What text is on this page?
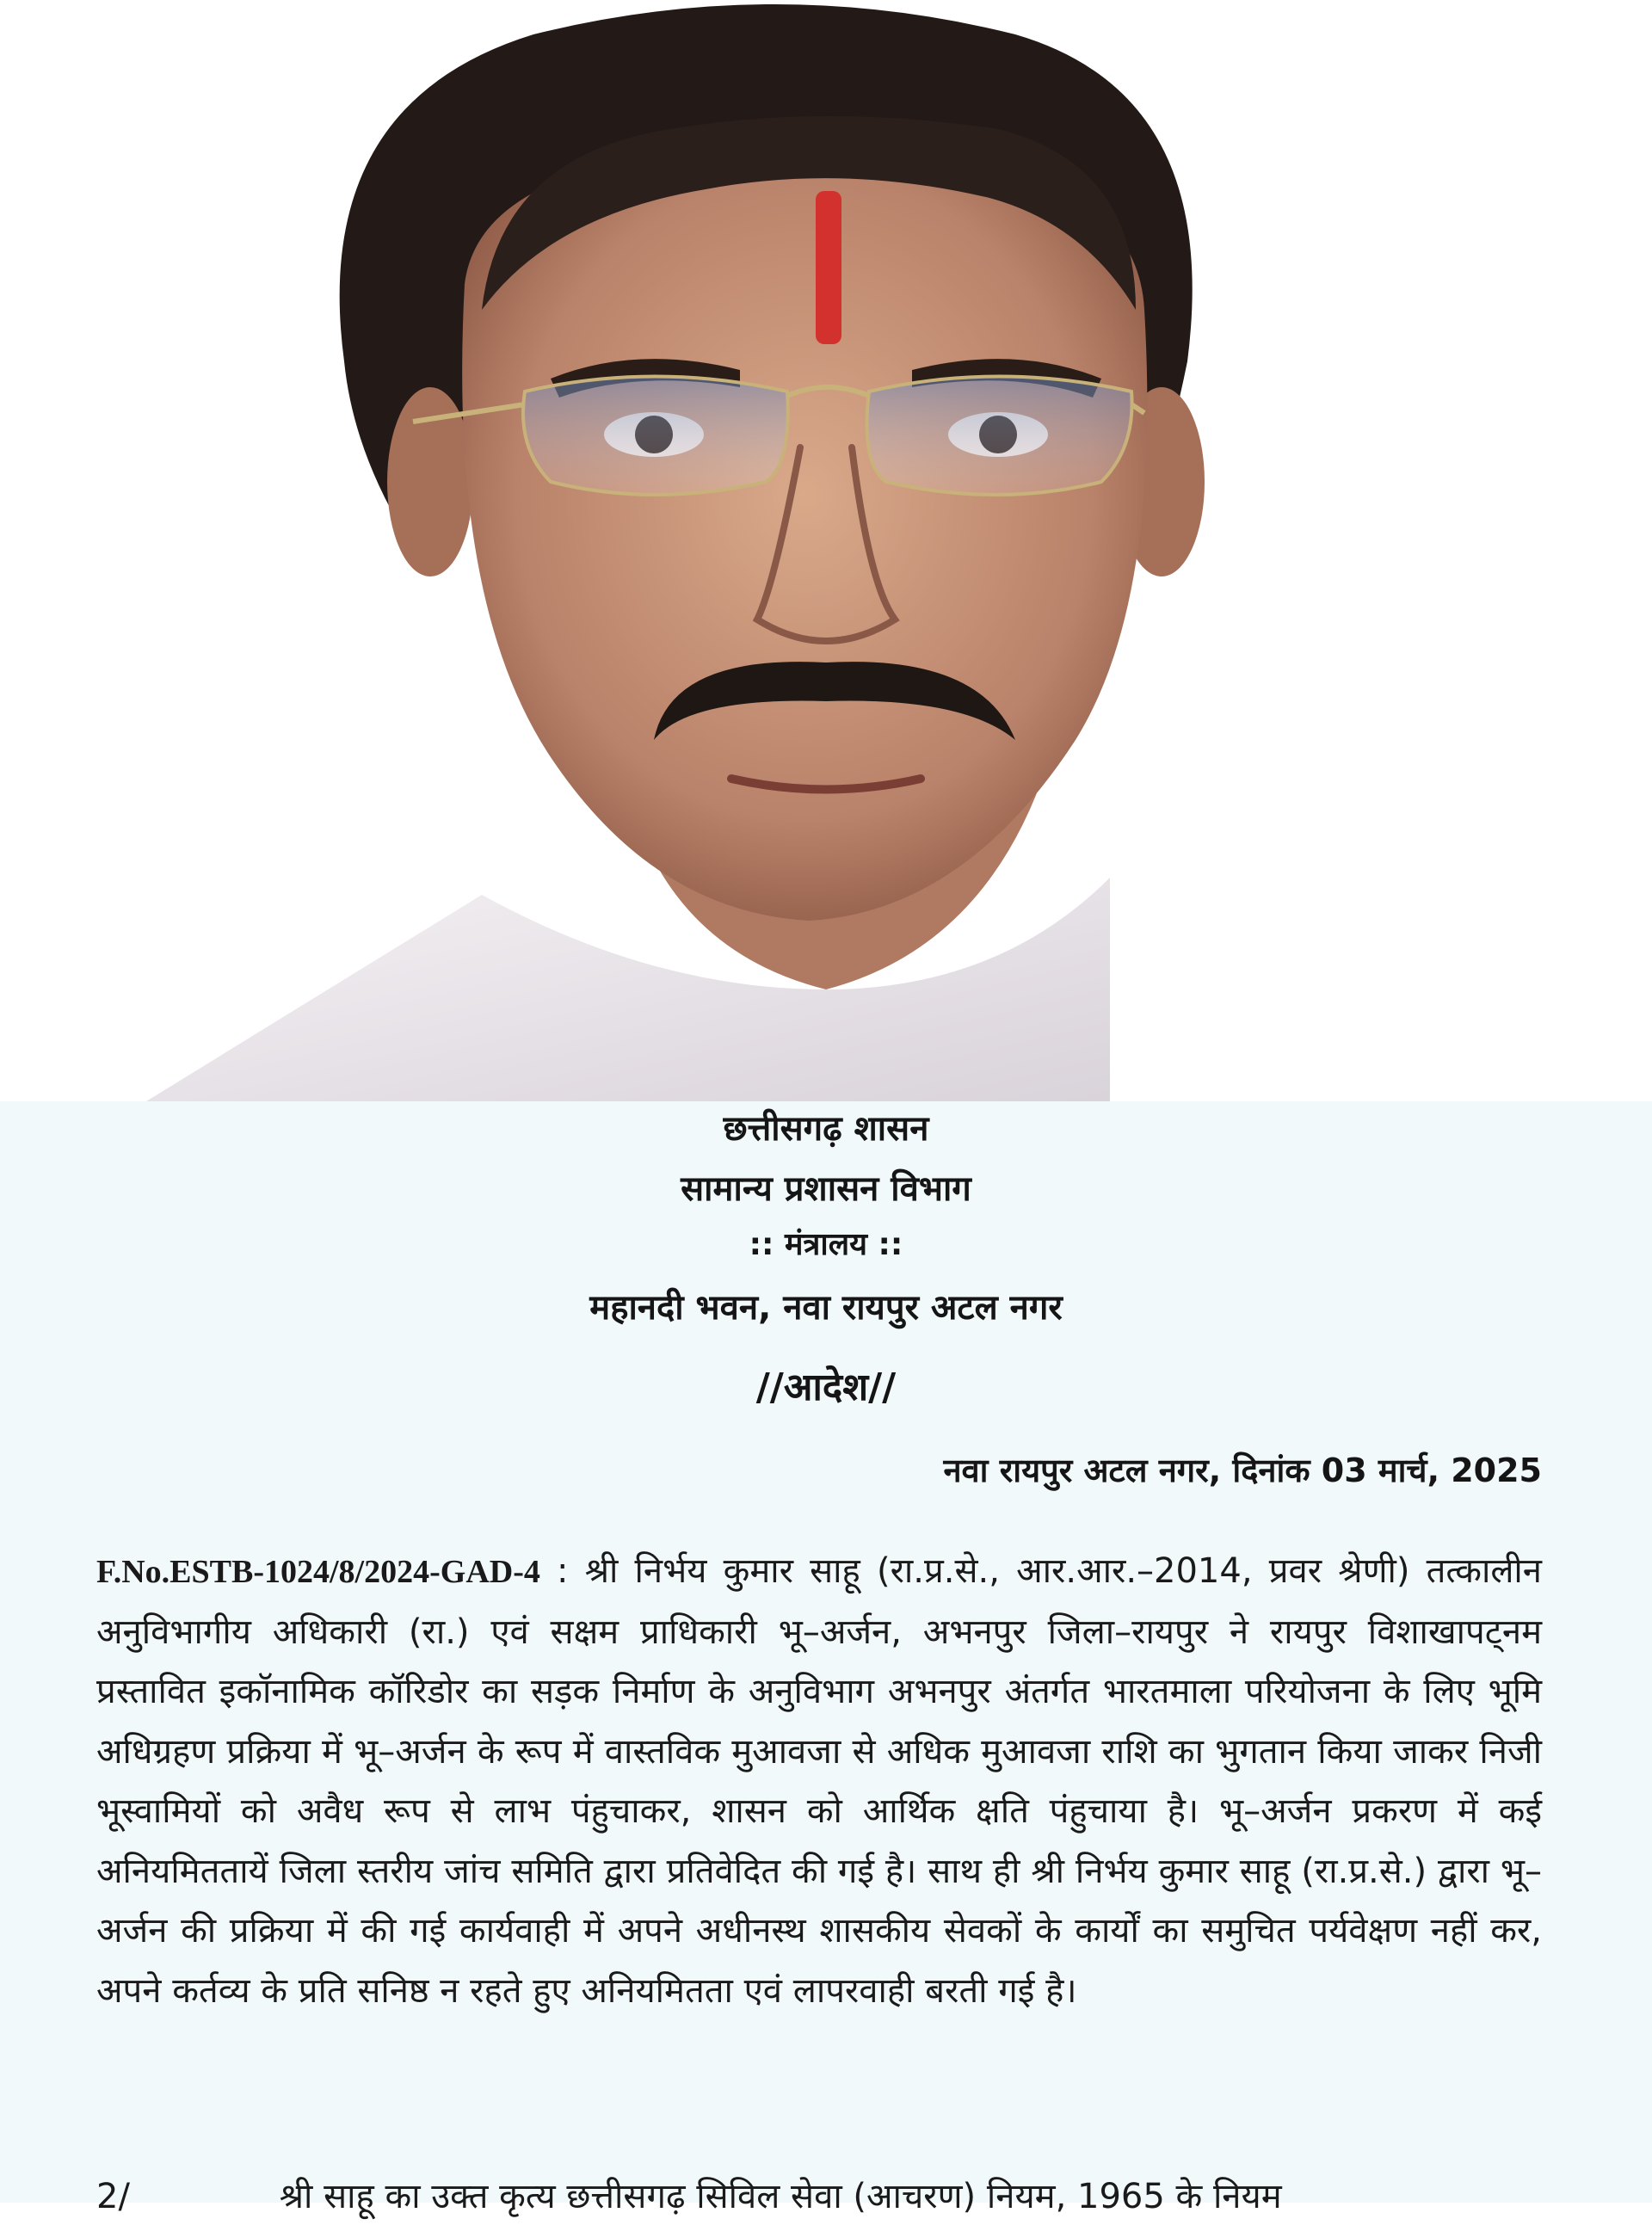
छत्तीसगढ़ शासन
सामान्य प्रशासन विभाग
:: मंत्रालय ::
महानदी भवन, नवा रायपुर अटल नगर
//आदेश//
नवा रायपुर अटल नगर, दिनांक 03 मार्च, 2025
F.No.ESTB-1024/8/2024-GAD-4 : श्री निर्भय कुमार साहू (रा.प्र.से., आर.आर.–2014, प्रवर श्रेणी) तत्कालीन अनुविभागीय अधिकारी (रा.) एवं सक्षम प्राधिकारी भू–अर्जन, अभनपुर जिला–रायपुर ने रायपुर विशाखापट्नम प्रस्तावित इकॉनामिक कॉरिडोर का सड़क निर्माण के अनुविभाग अभनपुर अंतर्गत भारतमाला परियोजना के लिए भूमि अधिग्रहण प्रक्रिया में भू–अर्जन के रूप में वास्तविक मुआवजा से अधिक मुआवजा राशि का भुगतान किया जाकर निजी भूस्वामियों को अवैध रूप से लाभ पंहुचाकर, शासन को आर्थिक क्षति पंहुचाया है। भू–अर्जन प्रकरण में कई अनियमिततायें जिला स्तरीय जांच समिति द्वारा प्रतिवेदित की गई है। साथ ही श्री निर्भय कुमार साहू (रा.प्र.से.) द्वारा भू–अर्जन की प्रक्रिया में की गई कार्यवाही में अपने अधीनस्थ शासकीय सेवकों के कार्यों का समुचित पर्यवेक्षण नहीं कर, अपने कर्तव्य के प्रति सनिष्ठ न रहते हुए अनियमितता एवं लापरवाही बरती गई है।
2/	श्री साहू का उक्त कृत्य छत्तीसगढ़ सिविल सेवा (आचरण) नियम, 1965 के नियम
